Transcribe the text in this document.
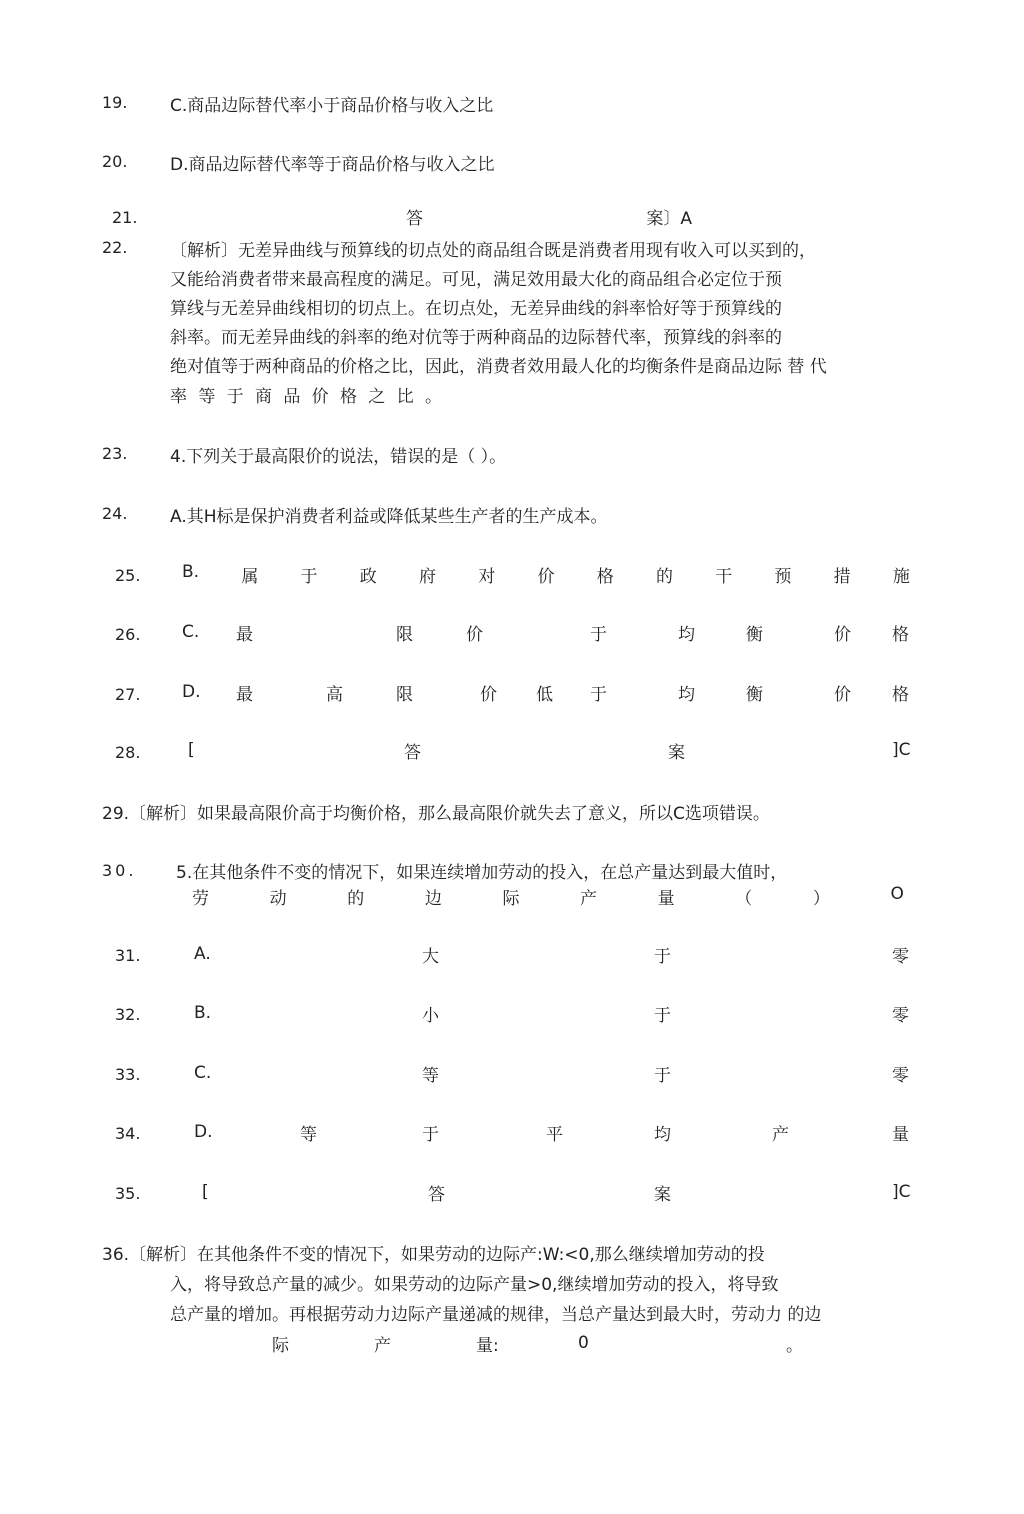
19.	C.商品边际替代率小于商品价格与收入之比
20.	D.商品边际替代率等于商品价格与收入之比
21.	答	案〕A
22.	〔解析〕无差异曲线与预算线的切点处的商品组合既是消费者用现有收入可以买到的，
又能给消费者带来最高程度的满足。可见，满足效用最大化的商品组合必定位于预
算线与无差异曲线相切的切点上。在切点处，无差异曲线的斜率恰好等于预算线的
斜率。而无差异曲线的斜率的绝对伉等于两种商品的边际替代率，预算线的斜率的
绝对值等于两种商品的价格之比，因此，消费者效用最人化的均衡条件是商品边际 替 代
率 等 于 商 品 价 格 之 比 。
23.	4.下列关于最高限价的说法，错误的是（ ）。
24.	A.其H标是保护消费者利益或降低某些生产者的生产成本。
25. B. 属 于 政 府 对 价 格 的 干 预 措 施
26. C. 最	限	价	于	均	衡	价 格
27. D. 最	高	限	价 低 于	均	衡	价 格
28.	[	答	案	]C
29.〔解析〕如果最高限价高于均衡价格，那么最高限价就失去了意义，所以C选项错误。
30. 5.在其他条件不变的情况下，如果连续增加劳动的投入，在总产量达到最大值时，
劳	动	的	边	际	产	量	（	）	O
31.	A.	大	于	零
32.	B.	小	于	零
33.	C.	等	于	零
34.	D.	等	于	平	均	产	量
35.	[	答	案	]C
36.〔解析〕在其他条件不变的情况下，如果劳动的边际产:W:<0,那么继续增加劳动的投
入，将导致总产量的减少。如果劳动的边际产量>0,继续增加劳动的投入，将导致
总产量的增加。再根据劳动力边际产量递减的规律，当总产量达到最大时，劳动力 的边
际	产	量:	0	。
